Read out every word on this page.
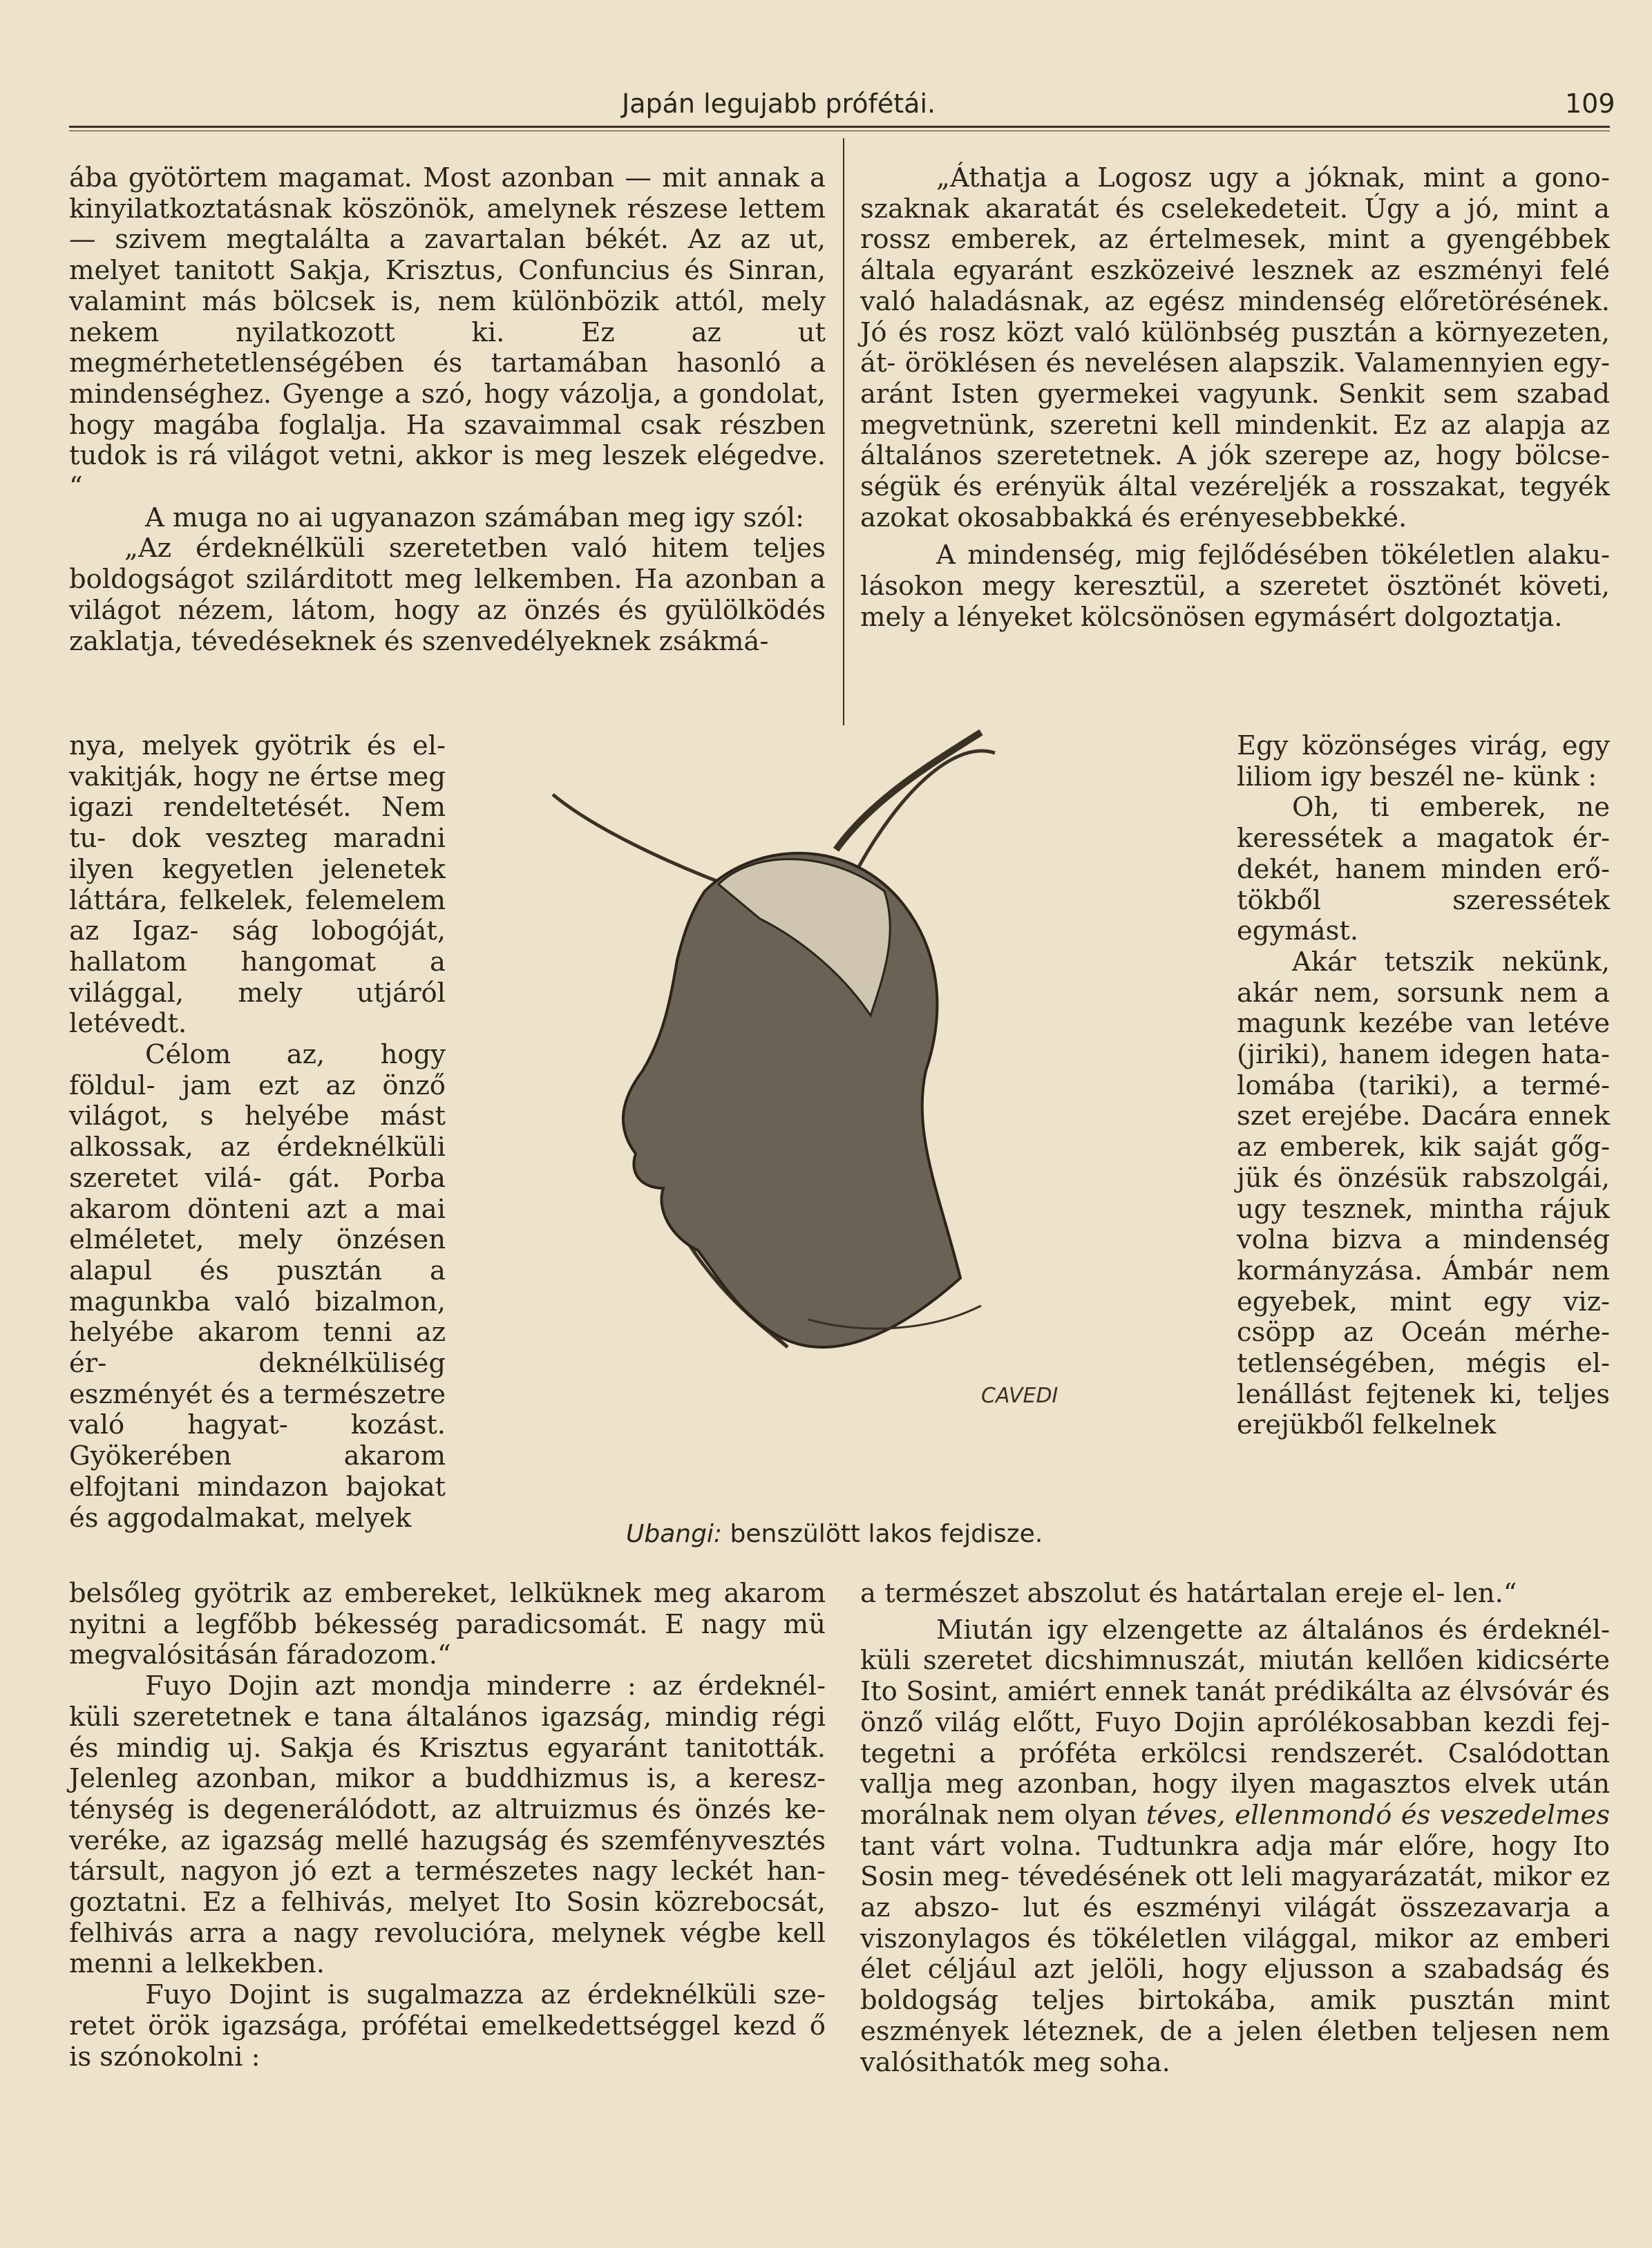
Japán legujabb prófétái.	109

ába gyötörtem magamat. Most azonban — mit annak a kinyilatkoztatásnak köszönök, amelynek részese lettem — szivem megtalálta a zavartalan békét. Az az ut, melyet tanitott Sakja, Krisztus, Confuncius és Sinran, valamint más bölcsek is, nem különbözik attól, mely nekem nyilatkozott ki. Ez az ut megmérhetetlenségében és tartamában hasonló a mindenséghez. Gyenge a szó, hogy vázolja, a gondolat, hogy magába foglalja. Ha szavaimmal csak részben tudok is rá világot vetni, akkor is meg leszek elégedve. “

A muga no ai ugyanazon számában meg igy szól:

„Az érdeknélküli szeretetben való hitem teljes boldogságot szilárditott meg lelkemben. Ha azonban a világot nézem, látom, hogy az önzés és gyülölködés zaklatja, tévedéseknek és szenvedélyeknek zsákmá-

nya, melyek gyötrik és el- vakitják, hogy ne értse meg igazi rendeltetését. Nem tu- dok veszteg maradni ilyen kegyetlen jelenetek láttára, felkelek, felemelem az Igaz- ság lobogóját, hallatom hangomat a világgal, mely utjáról letévedt.

Célom az, hogy földul- jam ezt az önző világot, s helyébe mást alkossak, az érdeknélküli szeretet vilá- gát. Porba akarom dönteni azt a mai elméletet, mely önzésen alapul és pusztán a magunkba való bizalmon, helyébe akarom tenni az ér- deknélküliség eszményét és a természetre való hagyat- kozást. Gyökerében akarom elfojtani mindazon bajokat és aggodalmakat, melyek

belsőleg gyötrik az embereket, lelküknek meg akarom nyitni a legfőbb békesség paradicsomát. E nagy mü megvalósitásán fáradozom.“

Fuyo Dojin azt mondja minderre : az érdeknél- küli szeretetnek e tana általános igazság, mindig régi és mindig uj. Sakja és Krisztus egyaránt tanitották. Jelenleg azonban, mikor a buddhizmus is, a keresz- ténység is degenerálódott, az altruizmus és önzés ke- veréke, az igazság mellé hazugság és szemfényvesztés társult, nagyon jó ezt a természetes nagy leckét han- goztatni. Ez a felhivás, melyet Ito Sosin közrebocsát, felhivás arra a nagy revolucióra, melynek végbe kell menni a lelkekben.

Fuyo Dojint is sugalmazza az érdeknélküli sze- retet örök igazsága, prófétai emelkedettséggel kezd ő is szónokolni :

„Áthatja a Logosz ugy a jóknak, mint a gono- szaknak akaratát és cselekedeteit. Úgy a jó, mint a rossz emberek, az értelmesek, mint a gyengébbek általa egyaránt eszközeivé lesznek az eszményi felé való haladásnak, az egész mindenség előretörésének. Jó és rosz közt való különbség pusztán a környezeten, át- öröklésen és nevelésen alapszik. Valamennyien egy- aránt Isten gyermekei vagyunk. Senkit sem szabad megvetnünk, szeretni kell mindenkit. Ez az alapja az általános szeretetnek. A jók szerepe az, hogy bölcse- ségük és erényük által vezéreljék a rosszakat, tegyék azokat okosabbakká és erényesebbekké.

A mindenség, mig fejlődésében tökéletlen alaku- lásokon megy keresztül, a szeretet ösztönét követi, mely a lényeket kölcsönösen egymásért dolgoztatja.

Egy közönséges virág, egy liliom igy beszél ne- künk :

Oh, ti emberek, ne keressétek a magatok ér- dekét, hanem minden erő- tökből szeressétek egymást.

Akár tetszik nekünk, akár nem, sorsunk nem a magunk kezébe van letéve (jiriki), hanem idegen hata- lomába (tariki), a termé- szet erejébe. Dacára ennek az emberek, kik saját gőg- jük és önzésük rabszolgái, ugy tesznek, mintha rájuk volna bizva a mindenség kormányzása. Ámbár nem egyebek, mint egy viz- csöpp az Oceán mérhe- tetlenségében, mégis el- lenállást fejtenek ki, teljes erejükből felkelnek

a természet abszolut és határtalan ereje el- len.“

Miután igy elzengette az általános és érdeknél- küli szeretet dicshimnuszát, miután kellően kidicsérte Ito Sosint, amiért ennek tanát prédikálta az élvsóvár és önző világ előtt, Fuyo Dojin aprólékosabban kezdi fej- tegetni a próféta erkölcsi rendszerét. Csalódottan vallja meg azonban, hogy ilyen magasztos elvek után morálnak nem olyan téves, ellenmondó és veszedelmes tant várt volna. Tudtunkra adja már előre, hogy Ito Sosin meg- tévedésének ott leli magyarázatát, mikor ez az abszo- lut és eszményi világát összezavarja a viszonylagos és tökéletlen világgal, mikor az emberi élet céljául azt jelöli, hogy eljusson a szabadság és boldogság teljes birtokába, amik pusztán mint eszmények léteznek, de a jelen életben teljesen nem valósithatók meg soha.

CAVEDI
Ubangi: benszülött lakos fejdisze.
